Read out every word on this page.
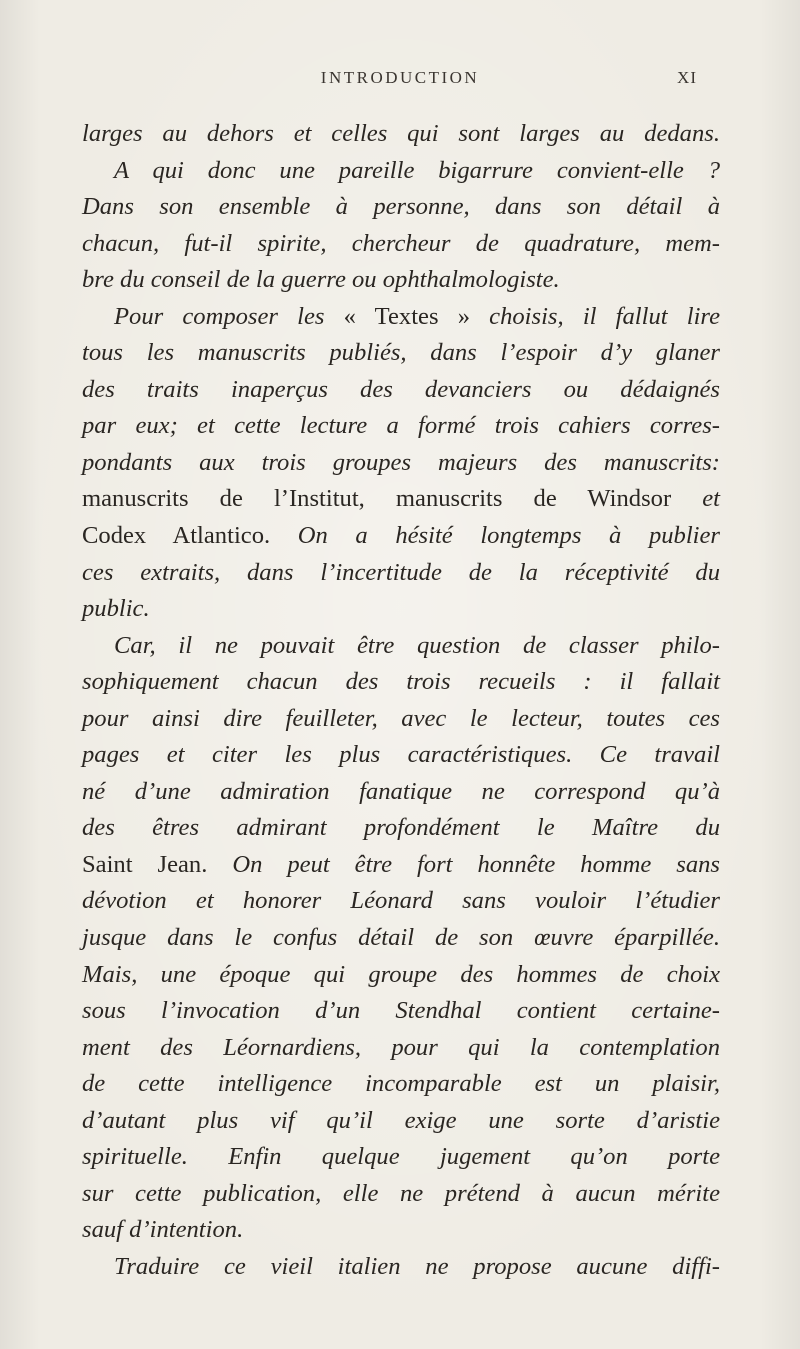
INTRODUCTION	XI
larges au dehors et celles qui sont larges au dedans.
A qui donc une pareille bigarrure convient-elle ?
Dans son ensemble à personne, dans son détail à
chacun, fut-il spirite, chercheur de quadrature, mem-
bre du conseil de la guerre ou ophthalmologiste.
Pour composer les « Textes » choisis, il fallut lire
tous les manuscrits publiés, dans l’espoir d’y glaner
des traits inaperçus des devanciers ou dédaignés
par eux; et cette lecture a formé trois cahiers corres-
pondants aux trois groupes majeurs des manuscrits:
manuscrits de l’Institut, manuscrits de Windsor et
Codex Atlantico. On a hésité longtemps à publier
ces extraits, dans l’incertitude de la réceptivité du
public.
Car, il ne pouvait être question de classer philo-
sophiquement chacun des trois recueils : il fallait
pour ainsi dire feuilleter, avec le lecteur, toutes ces
pages et citer les plus caractéristiques. Ce travail
né d’une admiration fanatique ne correspond qu’à
des êtres admirant profondément le Maître du
Saint Jean. On peut être fort honnête homme sans
dévotion et honorer Léonard sans vouloir l’étudier
jusque dans le confus détail de son œuvre éparpillée.
Mais, une époque qui groupe des hommes de choix
sous l’invocation d’un Stendhal contient certaine-
ment des Léornardiens, pour qui la contemplation
de cette intelligence incomparable est un plaisir,
d’autant plus vif qu’il exige une sorte d’aristie
spirituelle. Enfin quelque jugement qu’on porte
sur cette publication, elle ne prétend à aucun mérite
sauf d’intention.
Traduire ce vieil italien ne propose aucune diffi-
